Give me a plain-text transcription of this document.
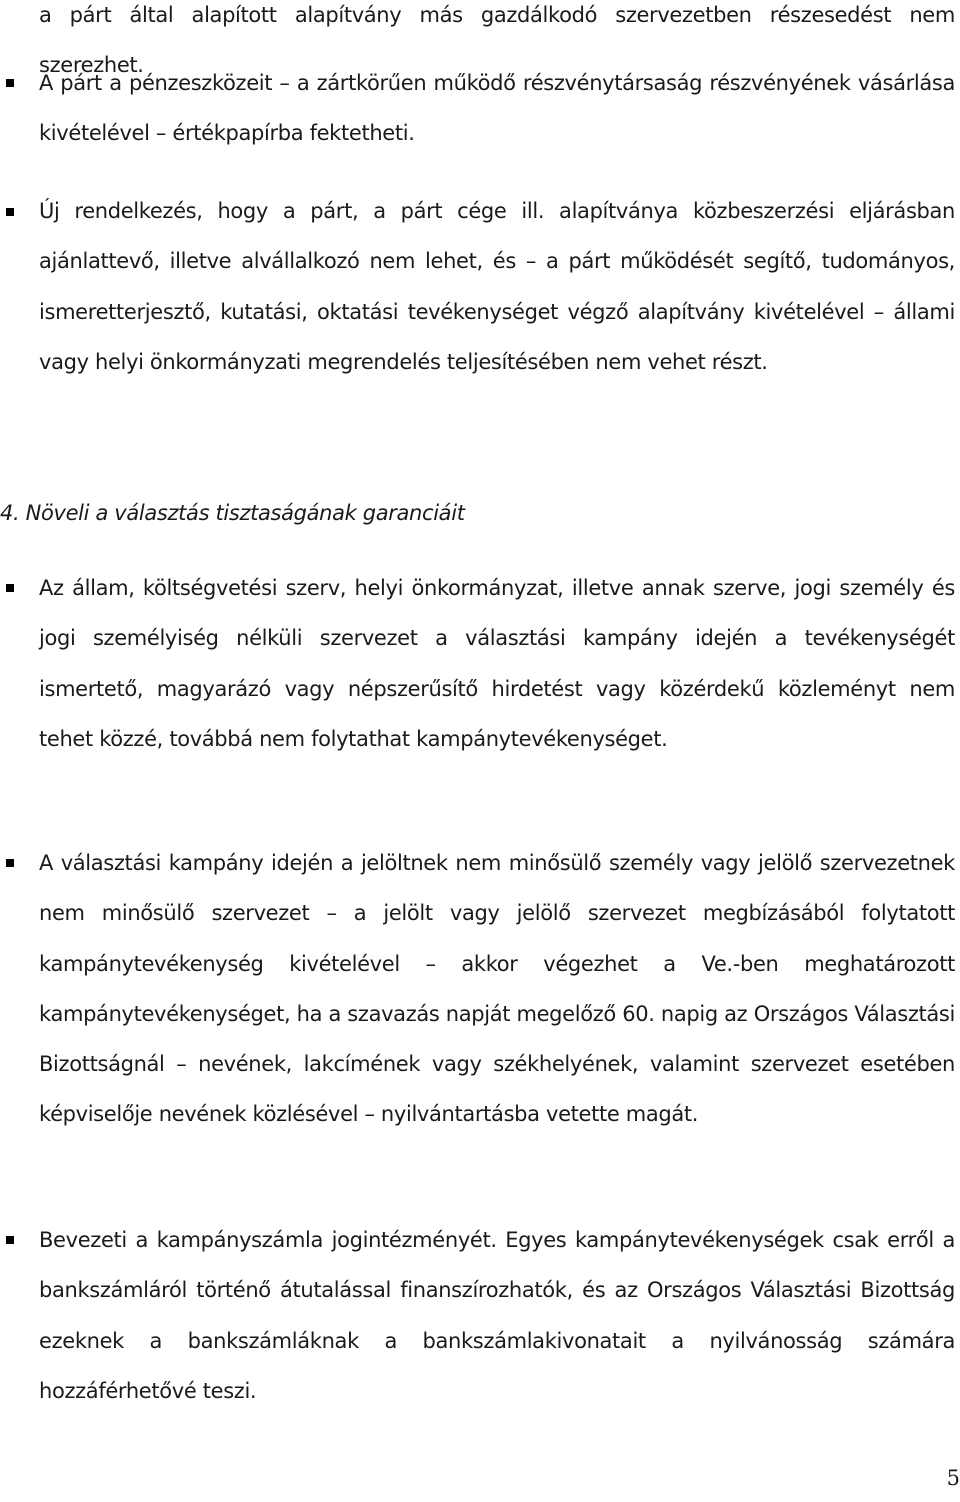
a párt által alapított alapítvány más gazdálkodó szervezetben részesedést nem szerezhet.
A párt a pénzeszközeit – a zártkörűen működő részvénytársaság részvényének vásárlása kivételével – értékpapírba fektetheti.
Új rendelkezés, hogy a párt, a párt cége ill. alapítványa közbeszerzési eljárásban ajánlattevő, illetve alvállalkozó nem lehet, és – a párt működését segítő, tudományos, ismeretterjesztő, kutatási, oktatási tevékenységet végző alapítvány kivételével – állami vagy helyi önkormányzati megrendelés teljesítésében nem vehet részt.
4. Növeli a választás tisztaságának garanciáit
Az állam, költségvetési szerv, helyi önkormányzat, illetve annak szerve, jogi személy és jogi személyiség nélküli szervezet a választási kampány idején a tevékenységét ismertető, magyarázó vagy népszerűsítő hirdetést vagy közérdekű közleményt nem tehet közzé, továbbá nem folytathat kampánytevékenységet.
A választási kampány idején a jelöltnek nem minősülő személy vagy jelölő szervezetnek nem minősülő szervezet – a jelölt vagy jelölő szervezet megbízásából folytatott kampánytevékenység kivételével – akkor végezhet a Ve.-ben meghatározott kampánytevékenységet, ha a szavazás napját megelőző 60. napig az Országos Választási Bizottságnál – nevének, lakcímének vagy székhelyének, valamint szervezet esetében képviselője nevének közlésével – nyilvántartásba vetette magát.
Bevezeti a kampányszámla jogintézményét. Egyes kampánytevékenységek csak erről a bankszámláról történő átutalással finanszírozhatók, és az Országos Választási Bizottság ezeknek a bankszámláknak a bankszámlakivonatait a nyilvánosság számára hozzáférhetővé teszi.
5
